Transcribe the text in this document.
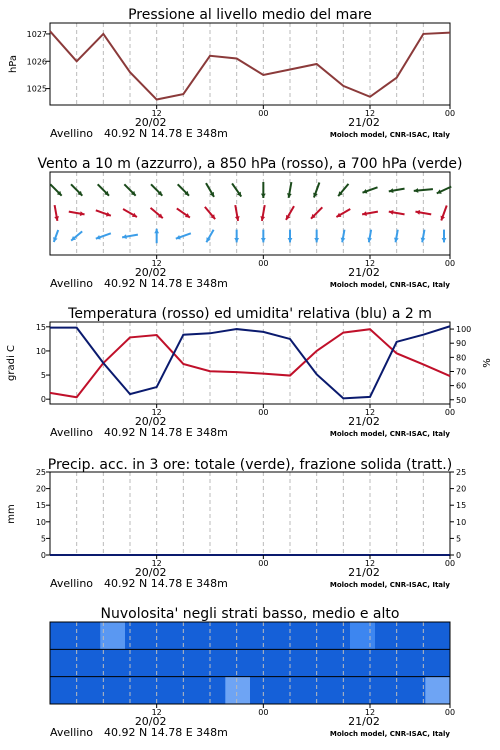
Pressione al livello medio del mare
1025
1026
1027
hPa
12	00	12	00
20/02	21/02
Avellino 40.92 N 14.78 E 348m	Moloch model, CNR-ISAC, Italy
Vento a 10 m (azzurro), a 850 hPa (rosso), a 700 hPa (verde)
12	00	12	00
20/02	21/02
Avellino 40.92 N 14.78 E 348m	Moloch model, CNR-ISAC, Italy
Temperatura (rosso) ed umidita' relativa (blu) a 2 m
0
5
10
15
50
60
70
80
90
100
gradi C	%
12	00	12	00
20/02	21/02
Avellino 40.92 N 14.78 E 348m	Moloch model, CNR-ISAC, Italy
Precip. acc. in 3 ore: totale (verde), frazione solida (tratt.)
0	0
5	5
10	10
15	15
20	20
25	25
mm
12	00	12	00
20/02	21/02
Avellino 40.92 N 14.78 E 348m	Moloch model, CNR-ISAC, Italy
Nuvolosita' negli strati basso, medio e alto
12	00	12	00
20/02	21/02
Avellino 40.92 N 14.78 E 348m	Moloch model, CNR-ISAC, Italy
